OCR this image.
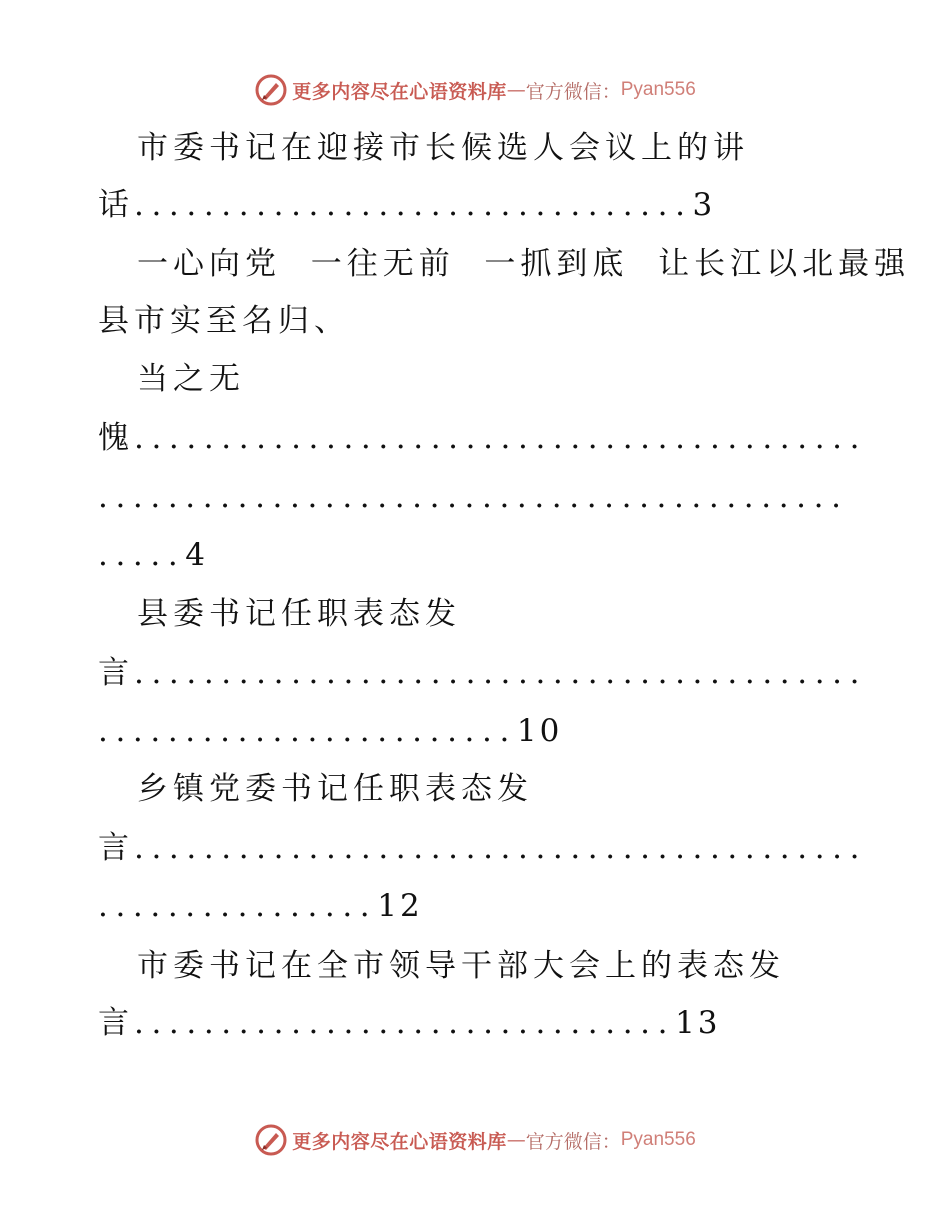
更多内容尽在心语资料库 — 官方微信： Pyan556
市委书记在迎接市长候选人会议上的讲
话................................3
一心向党  一往无前  一抓到底  让长江以北最强
县市实至名归、
当之无
愧..........................................
...........................................
.....4
县委书记任职表态发
言..........................................
........................10
乡镇党委书记任职表态发
言..........................................
................12
市委书记在全市领导干部大会上的表态发
言...............................13
更多内容尽在心语资料库 — 官方微信： Pyan556
